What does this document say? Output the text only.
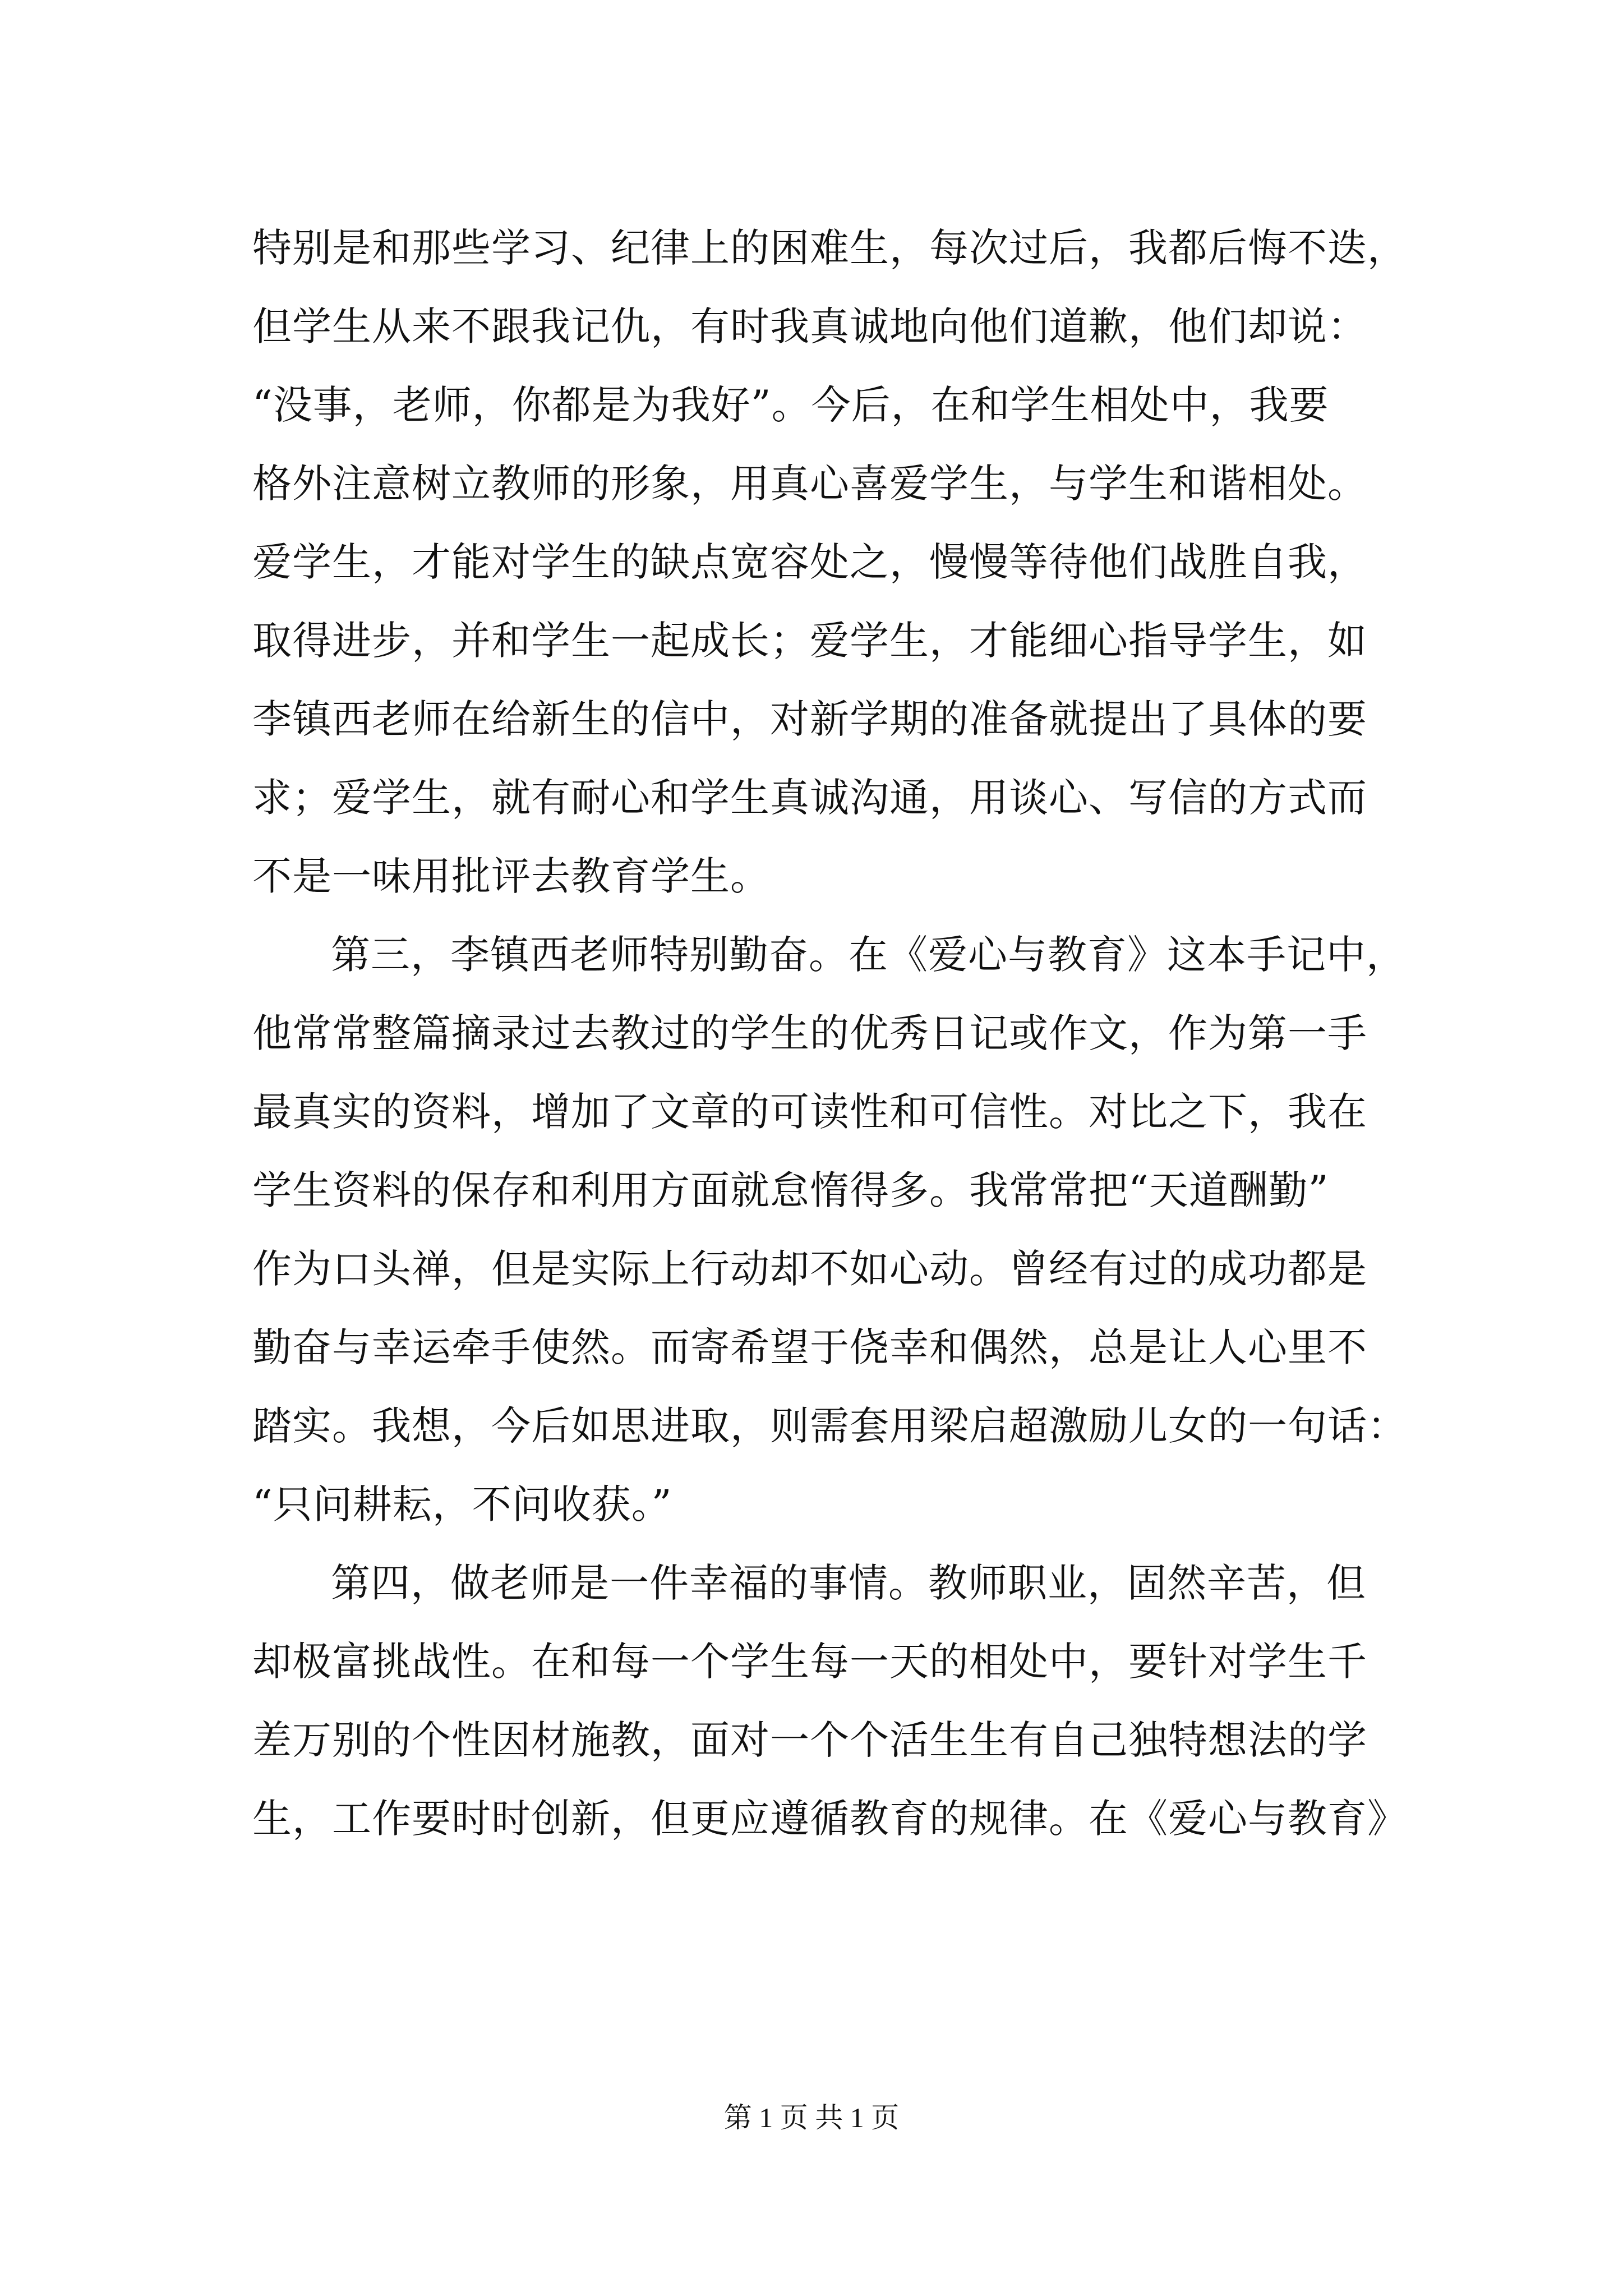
特别是和那些学习、纪律上的困难生，每次过后，我都后悔不迭，
但学生从来不跟我记仇，有时我真诚地向他们道歉，他们却说：
“没事，老师，你都是为我好”。今后，在和学生相处中，我要
格外注意树立教师的形象，用真心喜爱学生，与学生和谐相处。
爱学生，才能对学生的缺点宽容处之，慢慢等待他们战胜自我，
取得进步，并和学生一起成长；爱学生，才能细心指导学生，如
李镇西老师在给新生的信中，对新学期的准备就提出了具体的要
求；爱学生，就有耐心和学生真诚沟通，用谈心、写信的方式而
不是一味用批评去教育学生。
第三，李镇西老师特别勤奋。在《爱心与教育》这本手记中，
他常常整篇摘录过去教过的学生的优秀日记或作文，作为第一手
最真实的资料，增加了文章的可读性和可信性。对比之下，我在
学生资料的保存和利用方面就怠惰得多。我常常把“天道酬勤”
作为口头禅，但是实际上行动却不如心动。曾经有过的成功都是
勤奋与幸运牵手使然。而寄希望于侥幸和偶然，总是让人心里不
踏实。我想，今后如思进取，则需套用梁启超激励儿女的一句话：
“只问耕耘，不问收获。”
第四，做老师是一件幸福的事情。教师职业，固然辛苦，但
却极富挑战性。在和每一个学生每一天的相处中，要针对学生千
差万别的个性因材施教，面对一个个活生生有自己独特想法的学
生，工作要时时创新，但更应遵循教育的规律。在《爱心与教育》
第 1 页 共 1 页
